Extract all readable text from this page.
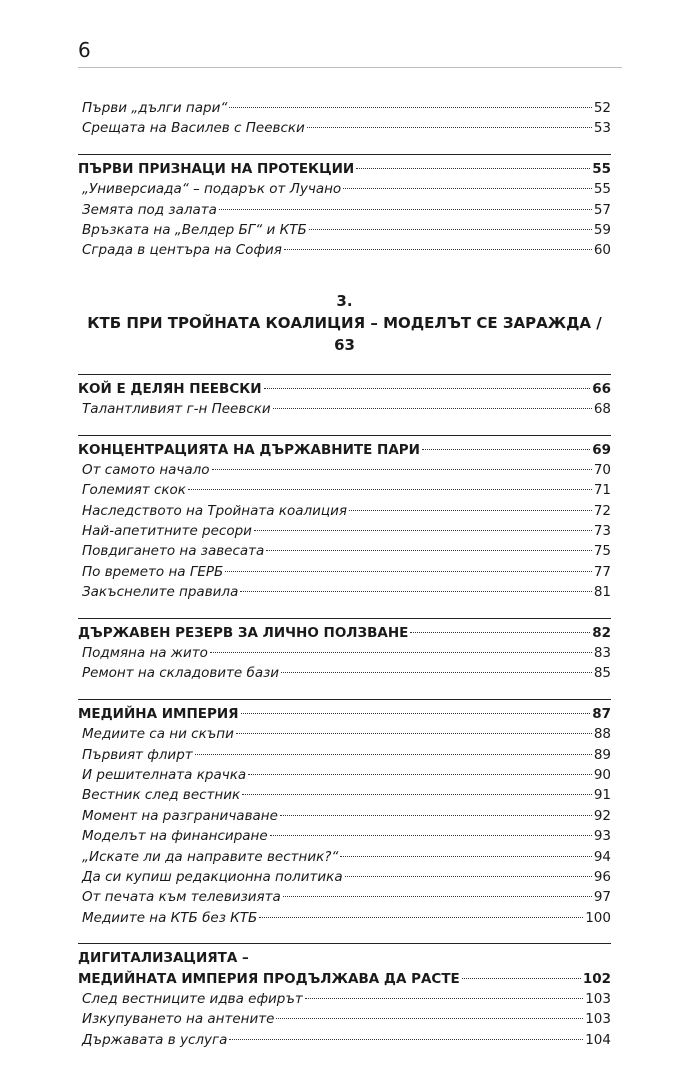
6
Първи „дълги пари“	52
Срещата на Василев с Пеевски	53
ПЪРВИ ПРИЗНАЦИ НА ПРОТЕКЦИИ	55
„Универсиада“ – подарък от Лучано	55
Земята под залата	57
Връзката на „Велдер БГ“ и КТБ	59
Сграда в центъра на София	60
3.
КТБ ПРИ ТРОЙНАТА КОАЛИЦИЯ – МОДЕЛЪТ СЕ ЗАРАЖДА / 63
КОЙ Е ДЕЛЯН ПЕЕВСКИ	66
Талантливият г-н Пеевски	68
КОНЦЕНТРАЦИЯТА НА ДЪРЖАВНИТЕ ПАРИ	69
От самото начало	70
Големият скок	71
Наследството на Тройната коалиция	72
Най-апетитните ресори	73
Повдигането на завесата	75
По времето на ГЕРБ	77
Закъснелите правила	81
ДЪРЖАВЕН РЕЗЕРВ ЗА ЛИЧНО ПОЛЗВАНЕ	82
Подмяна на жито	83
Ремонт на складовите бази	85
МЕДИЙНА ИМПЕРИЯ	87
Медиите са ни скъпи	88
Първият флирт	89
И решителната крачка	90
Вестник след вестник	91
Момент на разграничаване	92
Моделът на финансиране	93
„Искате ли да направите вестник?“	94
Да си купиш редакционна политика	96
От печата към телевизията	97
Медиите на КТБ без КТБ	100
ДИГИТАЛИЗАЦИЯТА –
МЕДИЙНАТА ИМПЕРИЯ ПРОДЪЛЖАВА ДА РАСТЕ	102
След вестниците идва ефирът	103
Изкупуването на антените	103
Държавата в услуга	104
